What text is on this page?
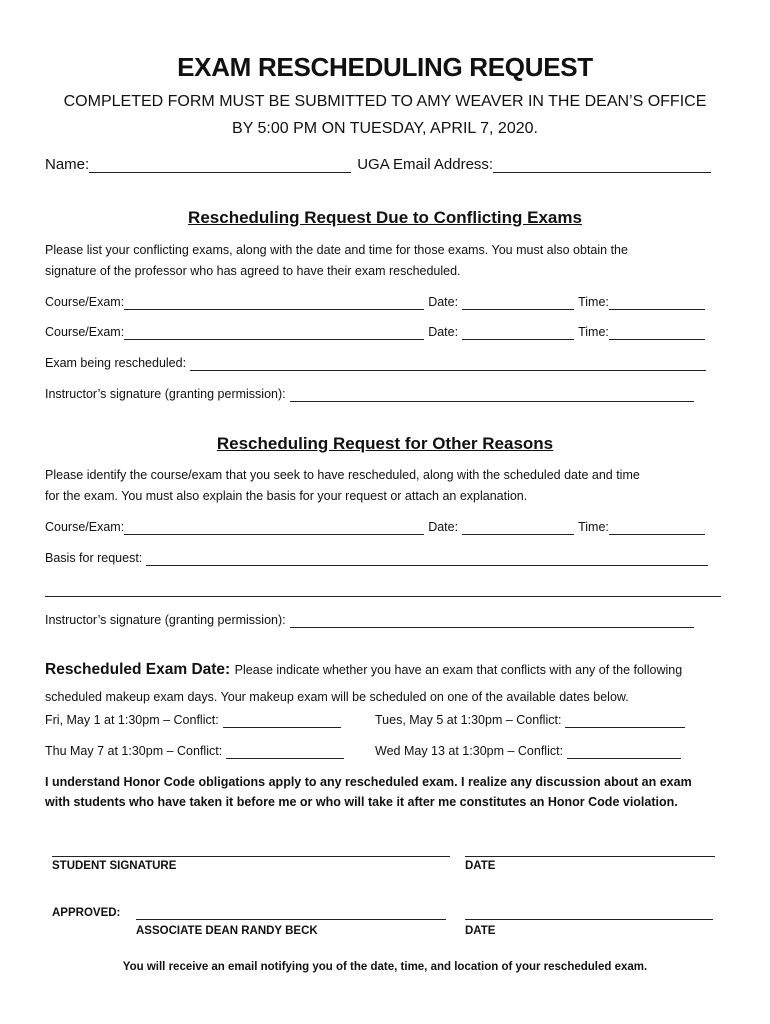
EXAM RESCHEDULING REQUEST
COMPLETED FORM MUST BE SUBMITTED TO AMY WEAVER IN THE DEAN’S OFFICE
BY 5:00 PM ON TUESDAY, APRIL 7, 2020.
Name:	UGA Email Address:
Rescheduling Request Due to Conflicting Exams
Please list your conflicting exams, along with the date and time for those exams. You must also obtain the
signature of the professor who has agreed to have their exam rescheduled.
Course/Exam:	Date:	Time:
Course/Exam:	Date:	Time:
Exam being rescheduled:
Instructor’s signature (granting permission):
Rescheduling Request for Other Reasons
Please identify the course/exam that you seek to have rescheduled, along with the scheduled date and time
for the exam. You must also explain the basis for your request or attach an explanation.
Course/Exam:	Date:	Time:
Basis for request:
Instructor’s signature (granting permission):
Rescheduled Exam Date: Please indicate whether you have an exam that conflicts with any of the following
scheduled makeup exam days. Your makeup exam will be scheduled on one of the available dates below.
Fri, May 1 at 1:30pm – Conflict:	Tues, May 5 at 1:30pm – Conflict:
Thu May 7 at 1:30pm – Conflict:	Wed May 13 at 1:30pm – Conflict:
I understand Honor Code obligations apply to any rescheduled exam. I realize any discussion about an exam
with students who have taken it before me or who will take it after me constitutes an Honor Code violation.
STUDENT SIGNATURE	DATE
APPROVED:
ASSOCIATE DEAN RANDY BECK	DATE
You will receive an email notifying you of the date, time, and location of your rescheduled exam.
